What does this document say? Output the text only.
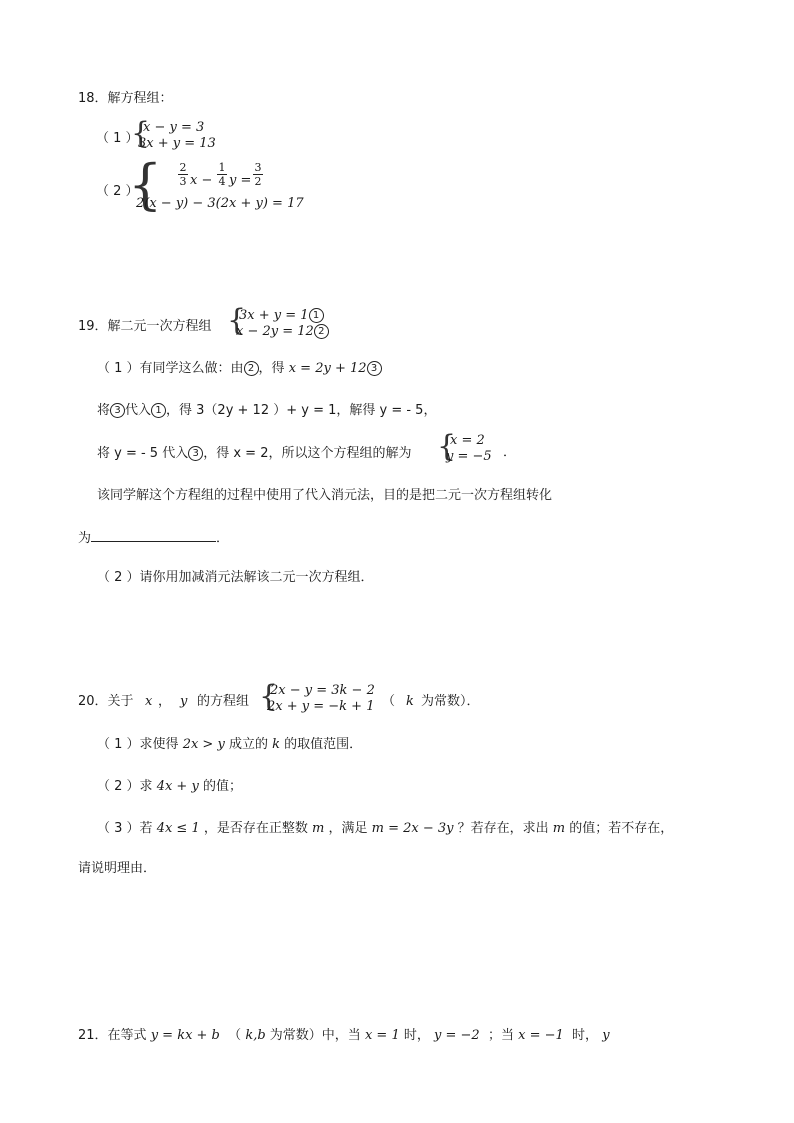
18．解方程组：
（ 1 ）
{
x − y = 3
3x + y = 13
（ 2 ）
{ 2
3 x −
1
4 y =
3
2
2(x − y) − 3(2x + y) = 17
19．解二元一次方程组 {
3x + y = 1 1
x − 2y = 12 2
（ 1 ）有同学这么做：由 2 ，得 x = 2y + 12 3
将 3 代入 1 ，得 3（2y + 12 ）+ y = 1，解得 y = - 5，
将 y = - 5 代入 3 ，得 x = 2，所以这个方程组的解为 {
x = 2
y = −5 ．
该同学解这个方程组的过程中使用了代入消元法，目的是把二元一次方程组转化
为	．
（ 2 ）请你用加减消元法解该二元一次方程组．
20．关于 x ， y 的方程组 {
2x − y = 3k − 2
2x + y = −k + 1 （ k 为常数）．
（ 1 ）求使得 2x > y 成立的 k 的取值范围．
（ 2 ）求 4x + y 的值；
（ 3 ）若 4x ≤ 1 ，是否存在正整数 m ，满足 m = 2x − 3y ？若存在，求出 m 的值；若不存在，
请说明理由．
21．在等式 y = kx + b （ k,b 为常数）中，当 x = 1 时， y = −2 ；当 x = −1 时， y
